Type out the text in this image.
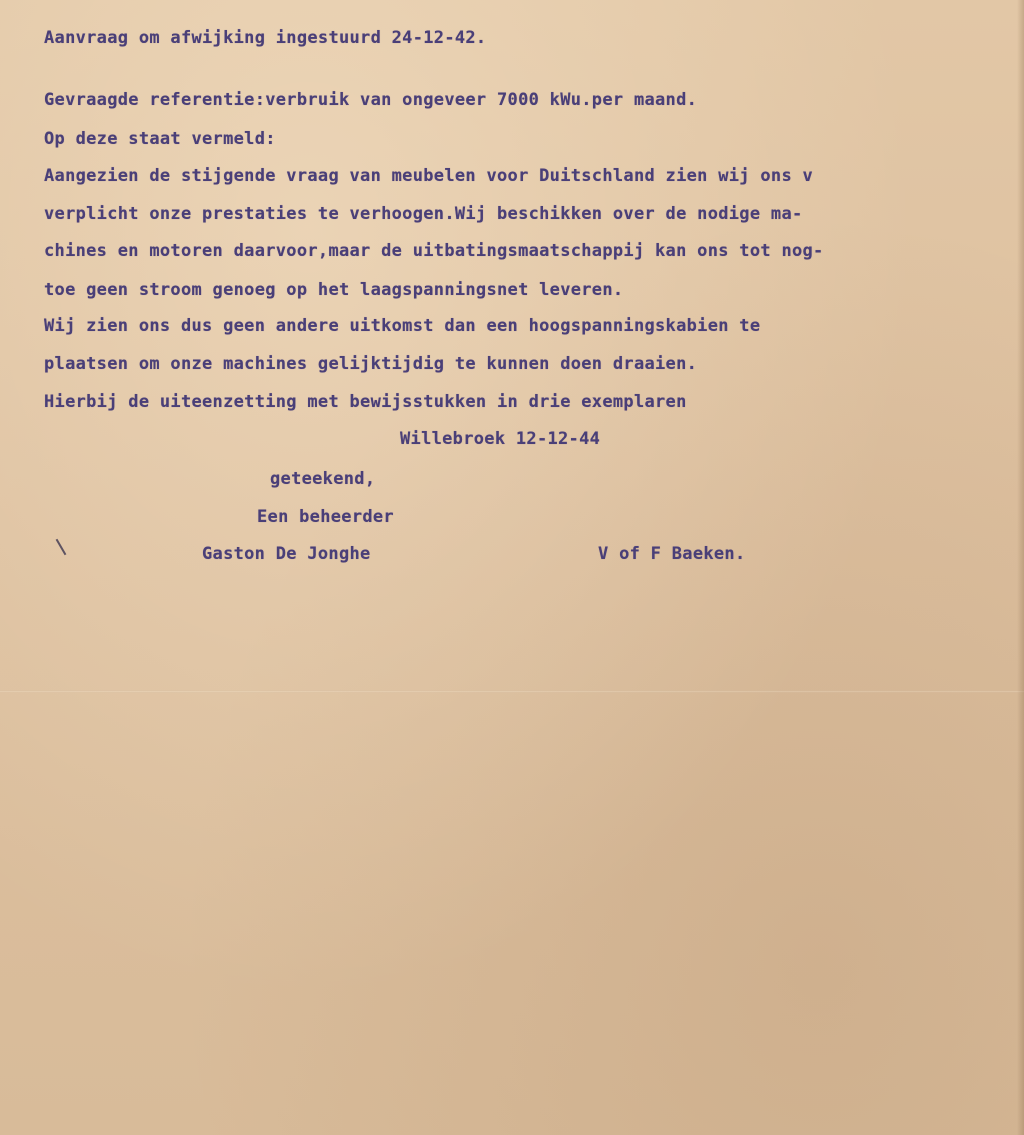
Aanvraag om afwijking ingestuurd 24-12-42.
Gevraagde referentie:verbruik van ongeveer 7000 kWu.per maand.
Op deze staat vermeld:
Aangezien de stijgende vraag van meubelen voor Duitschland zien wij ons v
verplicht onze prestaties te verhoogen.Wij beschikken over de nodige ma-
chines en motoren daarvoor,maar de uitbatingsmaatschappij kan ons tot nog-
toe geen stroom genoeg op het laagspanningsnet leveren.
Wij zien ons dus geen andere uitkomst dan een hoogspanningskabien te
plaatsen om onze machines gelijktijdig te kunnen doen draaien.
Hierbij de uiteenzetting met bewijsstukken in drie exemplaren
Willebroek 12-12-44
geteekend,
Een beheerder
Gaston De Jonghe	V of F Baeken.
